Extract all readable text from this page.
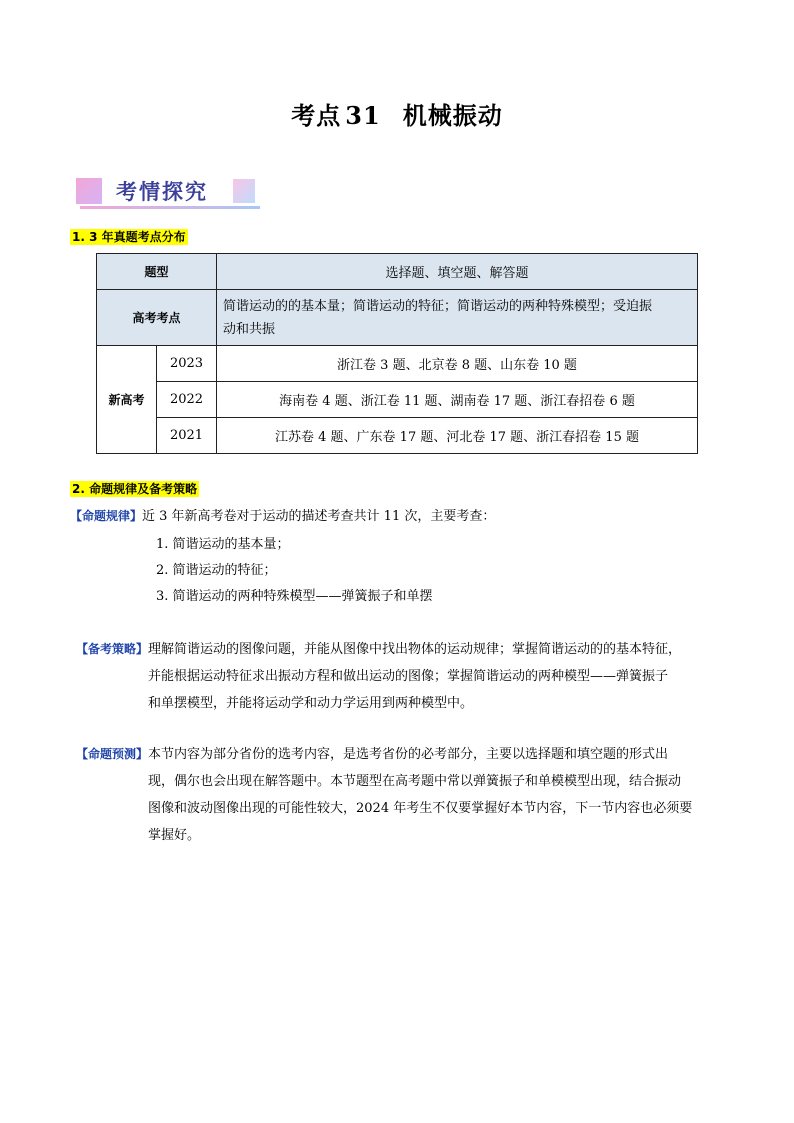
考点 31 机械振动
考情探究
1. 3 年真题考点分布
题型		选择题、填空题、解答题
高考考点		简谐运动的的基本量；简谐运动的特征；简谐运动的两种特殊模型；受迫振
动和共振
新高考	2023	浙江卷 3 题、北京卷 8 题、山东卷 10 题
	2022	海南卷 4 题、浙江卷 11 题、湖南卷 17 题、浙江春招卷 6 题
	2021	江苏卷 4 题、广东卷 17 题、河北卷 17 题、浙江春招卷 15 题
2. 命题规律及备考策略
【命题规律】近 3 年新高考卷对于运动的描述考查共计 11 次，主要考查：
1. 简谐运动的基本量；
2. 简谐运动的特征；
3. 简谐运动的两种特殊模型——弹簧振子和单摆
【备考策略】理解简谐运动的图像问题，并能从图像中找出物体的运动规律；掌握简谐运动的的基本特征，
并能根据运动特征求出振动方程和做出运动的图像；掌握简谐运动的两种模型——弹簧振子
和单摆模型，并能将运动学和动力学运用到两种模型中。
【命题预测】本节内容为部分省份的选考内容，是选考省份的必考部分，主要以选择题和填空题的形式出
现，偶尔也会出现在解答题中。本节题型在高考题中常以弹簧振子和单模模型出现，结合振动
图像和波动图像出现的可能性较大，2024 年考生不仅要掌握好本节内容，下一节内容也必须要
掌握好。
